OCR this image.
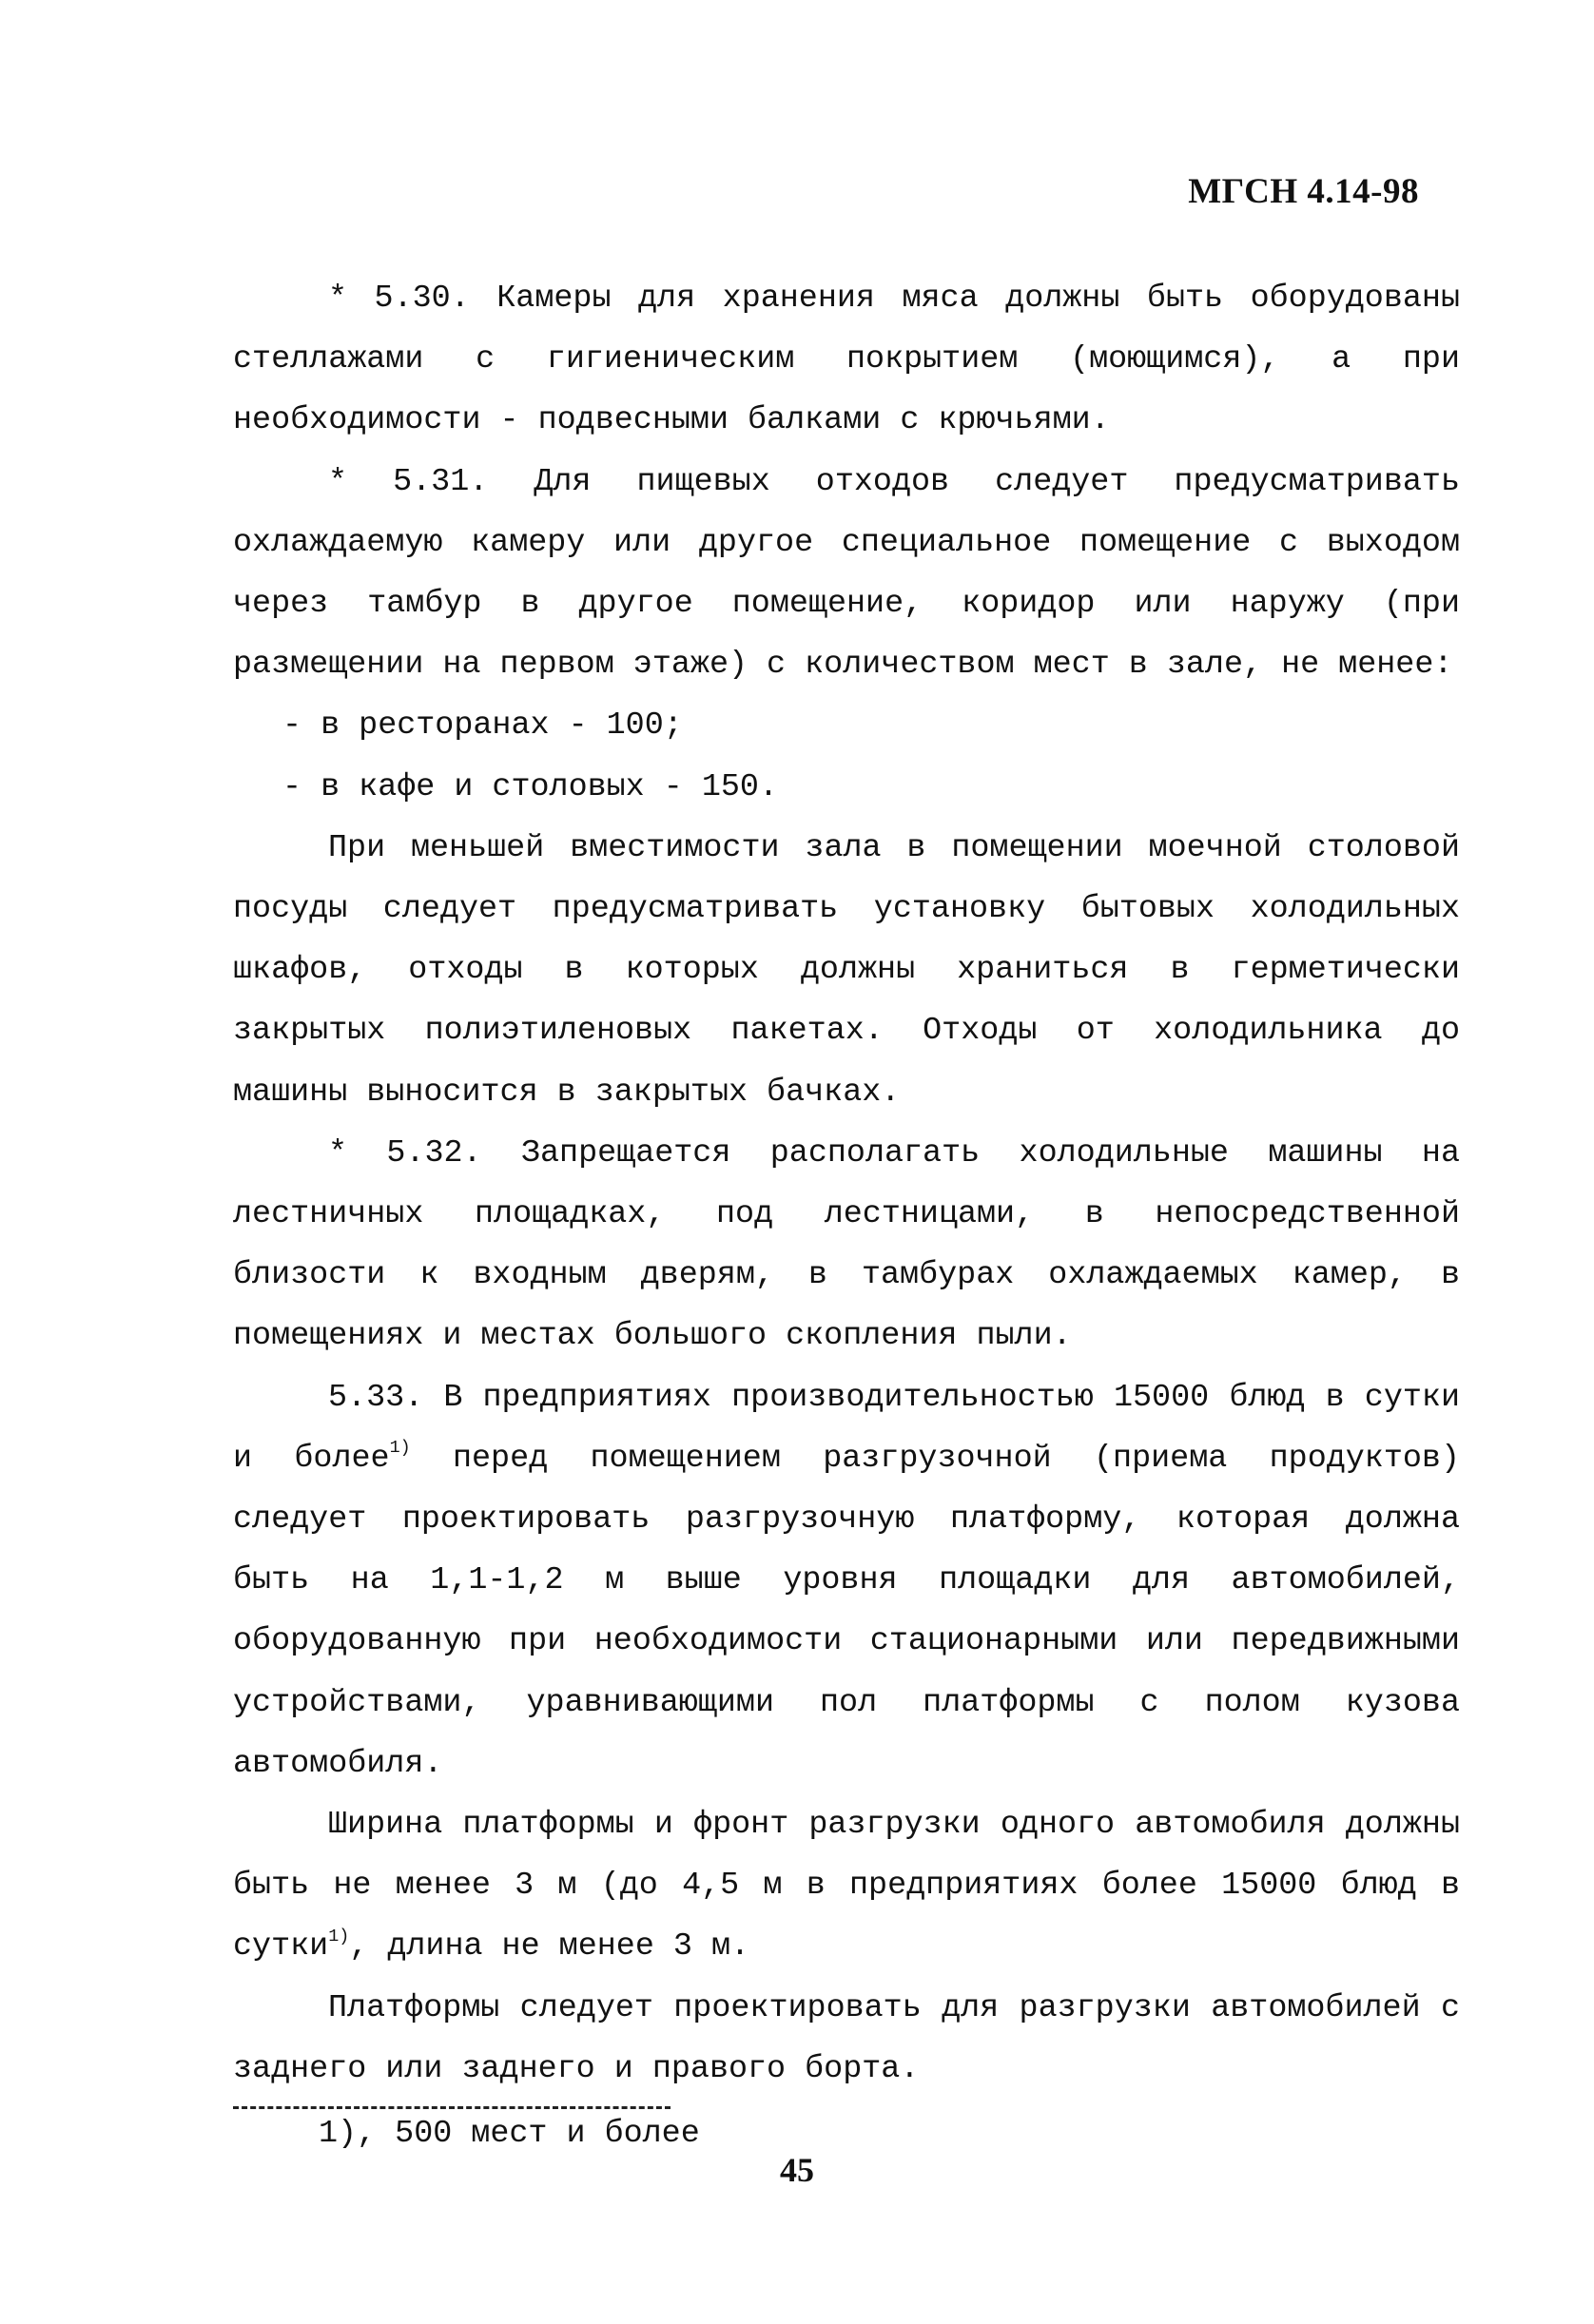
МГСН 4.14-98

* 5.30. Камеры для хранения мяса должны быть оборудованы стеллажами с гигиеническим покрытием (моющимся), а при необходимости - подвесными балками с крючьями.

* 5.31. Для пищевых отходов следует предусматривать охлаждаемую камеру или другое специальное помещение с выходом через тамбур в другое помещение, коридор или наружу (при размещении на первом этаже) с количеством мест в зале, не менее:

- в ресторанах - 100;

- в кафе и столовых - 150.

При меньшей вместимости зала в помещении моечной столовой посуды следует предусматривать установку бытовых холодильных шкафов, отходы в которых должны храниться в герметически закрытых полиэтиленовых пакетах. Отходы от холодильника до машины выносится в закрытых бачках.

* 5.32. Запрещается располагать холодильные машины на лестничных площадках, под лестницами, в непосредственной близости к входным дверям, в тамбурах охлаждаемых камер, в помещениях и местах большого скопления пыли.

5.33. В предприятиях производительностью 15000 блюд в сутки и более$^{1)}$ перед помещением разгрузочной (приема продуктов) следует проектировать разгрузочную платформу, которая должна быть на 1,1-1,2 м выше уровня площадки для автомобилей, оборудованную при необходимости стационарными или передвижными устройствами, уравнивающими пол платформы с полом кузова автомобиля.

Ширина платформы и фронт разгрузки одного автомобиля должны быть не менее 3 м (до 4,5 м в предприятиях более 15000 блюд в сутки$^{1)}$, длина не менее 3 м.

Платформы следует проектировать для разгрузки автомобилей с заднего или заднего и правого борта.

1), 500 мест и более
45
